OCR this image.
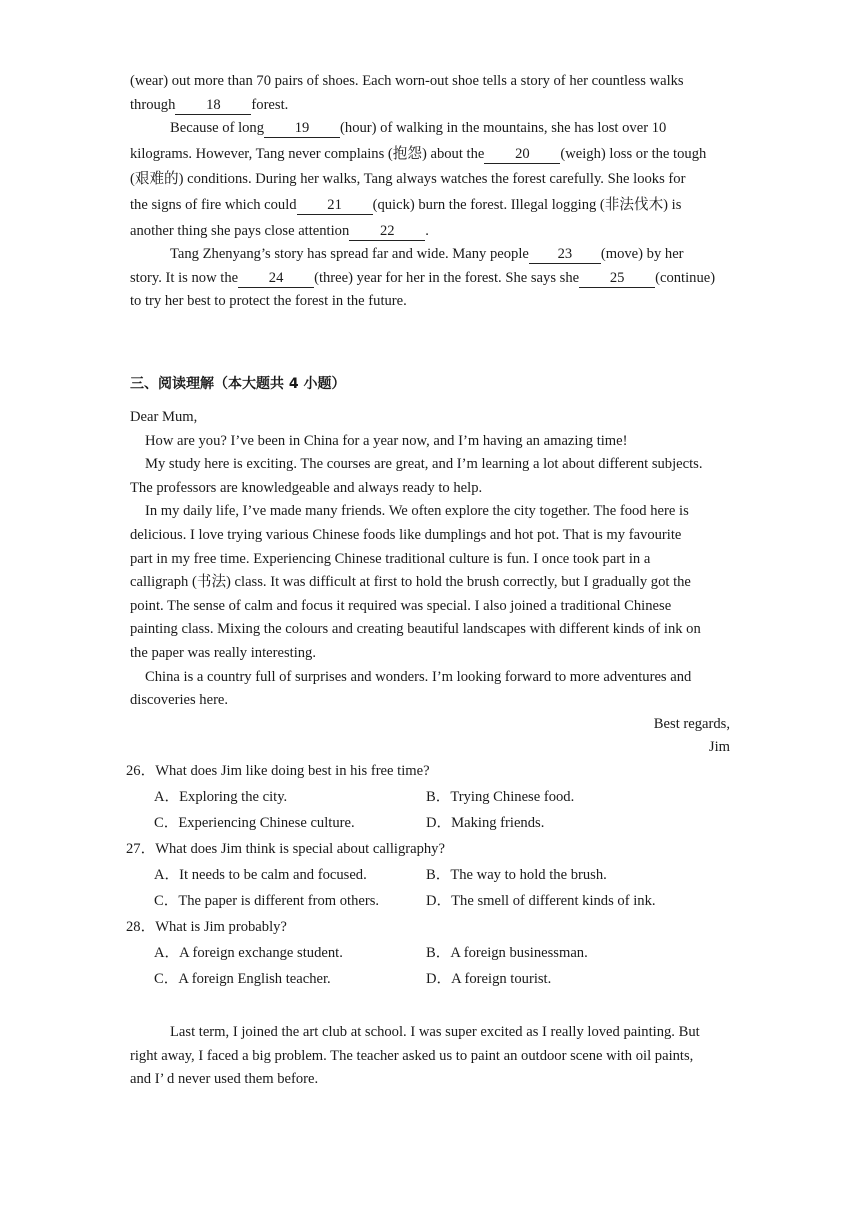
(wear) out more than 70 pairs of shoes. Each worn-out shoe tells a story of her countless walks
through 18 forest.
Because of long 19 (hour) of walking in the mountains, she has lost over 10
kilograms. However, Tang never complains (抱怨) about the 20 (weigh) loss or the tough
(艰难的) conditions. During her walks, Tang always watches the forest carefully. She looks for
the signs of fire which could 21 (quick) burn the forest. Illegal logging (非法伐木) is
another thing she pays close attention 22 .
Tang Zhenyang’s story has spread far and wide. Many people 23 (move) by her
story. It is now the 24 (three) year for her in the forest. She says she 25 (continue)
to try her best to protect the forest in the future.
三、阅读理解（本大题共 4 小题）
Dear Mum,
How are you? I’ve been in China for a year now, and I’m having an amazing time!
My study here is exciting. The courses are great, and I’m learning a lot about different subjects.
The professors are knowledgeable and always ready to help.
In my daily life, I’ve made many friends. We often explore the city together. The food here is
delicious. I love trying various Chinese foods like dumplings and hot pot. That is my favourite
part in my free time. Experiencing Chinese traditional culture is fun. I once took part in a
calligraph (书法) class. It was difficult at first to hold the brush correctly, but I gradually got the
point. The sense of calm and focus it required was special. I also joined a traditional Chinese
painting class. Mixing the colours and creating beautiful landscapes with different kinds of ink on
the paper was really interesting.
China is a country full of surprises and wonders. I’m looking forward to more adventures and
discoveries here.
Best regards,
Jim
26．What does Jim like doing best in his free time?
A．Exploring the city.	B．Trying Chinese food.
C．Experiencing Chinese culture.	D．Making friends.
27．What does Jim think is special about calligraphy?
A．It needs to be calm and focused.	B．The way to hold the brush.
C．The paper is different from others.	D．The smell of different kinds of ink.
28．What is Jim probably?
A．A foreign exchange student.	B．A foreign businessman.
C．A foreign English teacher.	D．A foreign tourist.
Last term, I joined the art club at school. I was super excited as I really loved painting. But
right away, I faced a big problem. The teacher asked us to paint an outdoor scene with oil paints,
and I’ d never used them before.
